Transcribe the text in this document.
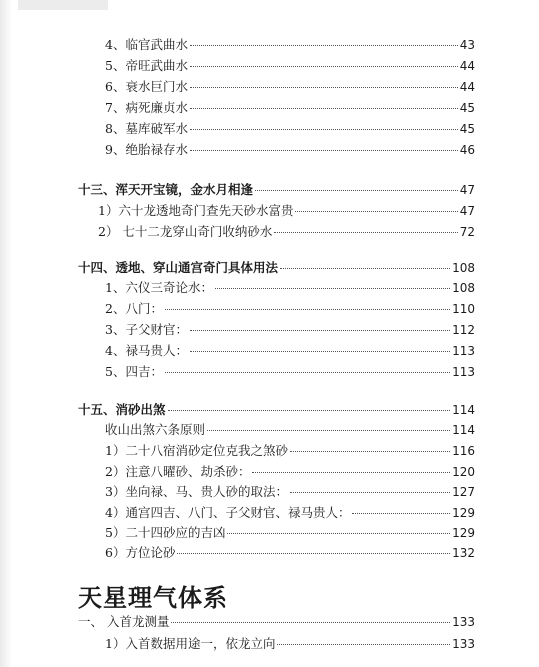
4、临官武曲水	43
5、帝旺武曲水	44
6、衰水巨门水	44
7、病死廉贞水	45
8、墓库破军水	45
9、绝胎禄存水	46
十三、浑天开宝镜，金水月相逢	47
1）六十龙透地奇门查先天砂水富贵	47
2） 七十二龙穿山奇门收纳砂水	72
十四、透地、穿山通宫奇门具体用法	108
1、六仪三奇论水：	108
2、八门：	110
3、子父财官：	112
4、禄马贵人：	113
5、四吉：	113
十五、消砂出煞	114
收山出煞六条原则	114
1）二十八宿消砂定位克我之煞砂	116
2）注意八曜砂、劫杀砂：	120
3）坐向禄、马、贵人砂的取法：	127
4）通宫四吉、八门、子父财官、禄马贵人：	129
5）二十四砂应的吉凶	129
6）方位论砂	132
天星理气体系
一、 入首龙测量	133
1）入首数据用途一，依龙立向	133
